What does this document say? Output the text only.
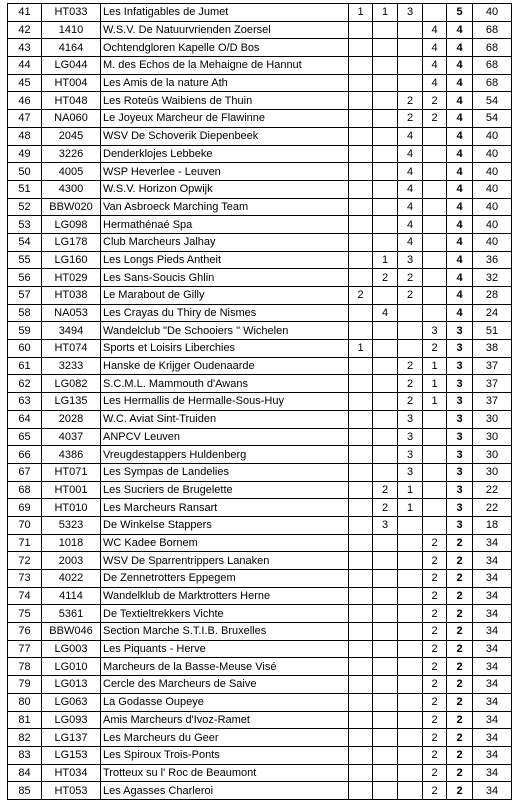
41	HT033	Les Infatigables de Jumet	1	1	3		5	40
42	1410	W.S.V. De Natuurvrienden Zoersel				4	4	68
43	4164	Ochtendgloren Kapelle O/D Bos				4	4	68
44	LG044	M. des Echos de la Mehaigne de Hannut				4	4	68
45	HT004	Les Amis de la nature Ath				4	4	68
46	HT048	Les Roteûs Waibiens de Thuin			2	2	4	54
47	NA060	Le Joyeux Marcheur de Flawinne			2	2	4	54
48	2045	WSV De Schoverik Diepenbeek			4		4	40
49	3226	Denderklojes Lebbeke			4		4	40
50	4005	WSP Heverlee - Leuven			4		4	40
51	4300	W.S.V. Horizon Opwijk			4		4	40
52	BBW020	Van Asbroeck Marching Team			4		4	40
53	LG098	Hermathénaé Spa			4		4	40
54	LG178	Club Marcheurs Jalhay			4		4	40
55	LG160	Les Longs Pieds Antheit		1	3		4	36
56	HT029	Les Sans-Soucis Ghlin		2	2		4	32
57	HT038	Le Marabout de Gilly	2		2		4	28
58	NA053	Les Crayas du Thiry de Nismes		4			4	24
59	3494	Wandelclub "De Schooiers " Wichelen				3	3	51
60	HT074	Sports et Loisirs Liberchies	1			2	3	38
61	3233	Hanske de Krijger Oudenaarde			2	1	3	37
62	LG082	S.C.M.L. Mammouth d'Awans			2	1	3	37
63	LG135	Les Hermallis de Hermalle-Sous-Huy			2	1	3	37
64	2028	W.C. Aviat Sint-Truiden			3		3	30
65	4037	ANPCV Leuven			3		3	30
66	4386	Vreugdestappers Huldenberg			3		3	30
67	HT071	Les Sympas de Landelies			3		3	30
68	HT001	Les Sucriers de Brugelette		2	1		3	22
69	HT010	Les Marcheurs Ransart		2	1		3	22
70	5323	De Winkelse Stappers		3			3	18
71	1018	WC Kadee Bornem				2	2	34
72	2003	WSV De Sparrentrippers Lanaken				2	2	34
73	4022	De Zennetrotters Eppegem				2	2	34
74	4114	Wandelklub de Marktrotters Herne				2	2	34
75	5361	De Textieltrekkers Vichte				2	2	34
76	BBW046	Section Marche S.T.I.B. Bruxelles				2	2	34
77	LG003	Les Piquants - Herve				2	2	34
78	LG010	Marcheurs de la Basse-Meuse Visé				2	2	34
79	LG013	Cercle des Marcheurs de Saive				2	2	34
80	LG063	La Godasse Oupeye				2	2	34
81	LG093	Amis Marcheurs d'Ivoz-Ramet				2	2	34
82	LG137	Les Marcheurs du Geer				2	2	34
83	LG153	Les Spiroux Trois-Ponts				2	2	34
84	HT034	Trotteux su l' Roc de Beaumont				2	2	34
85	HT053	Les Agasses Charleroi				2	2	34
